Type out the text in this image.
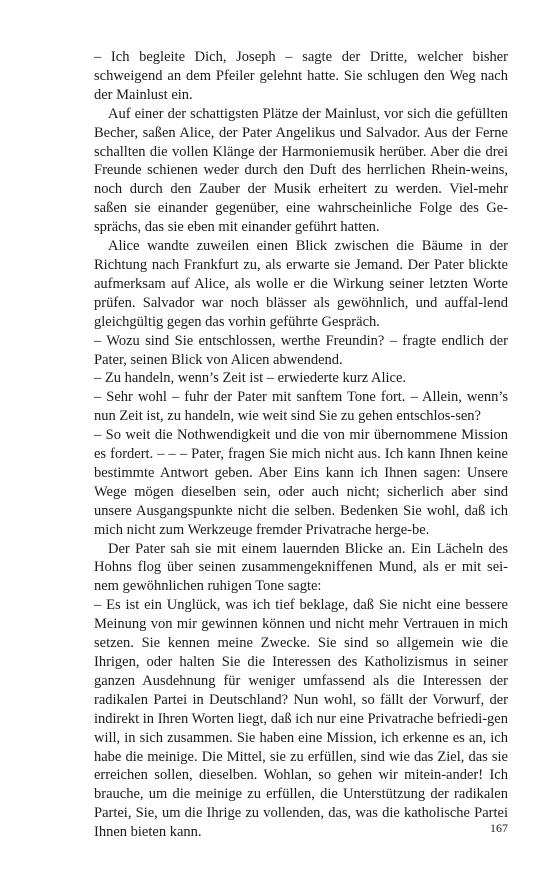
– Ich begleite Dich, Joseph – sagte der Dritte, welcher bisher schweigend an dem Pfeiler gelehnt hatte. Sie schlugen den Weg nach der Mainlust ein.

Auf einer der schattigsten Plätze der Mainlust, vor sich die gefüllten Becher, saßen Alice, der Pater Angelikus und Salvador. Aus der Ferne schallten die vollen Klänge der Harmoniemusik herüber. Aber die drei Freunde schienen weder durch den Duft des herrlichen Rhein-weins, noch durch den Zauber der Musik erheitert zu werden. Viel-mehr saßen sie einander gegenüber, eine wahrscheinliche Folge des Ge-sprächs, das sie eben mit einander geführt hatten.

Alice wandte zuweilen einen Blick zwischen die Bäume in der Richtung nach Frankfurt zu, als erwarte sie Jemand. Der Pater blickte aufmerksam auf Alice, als wolle er die Wirkung seiner letzten Worte prüfen. Salvador war noch blässer als gewöhnlich, und auffal-lend gleichgültig gegen das vorhin geführte Gespräch.

– Wozu sind Sie entschlossen, werthe Freundin? – fragte endlich der Pater, seinen Blick von Alicen abwendend.

– Zu handeln, wenn’s Zeit ist – erwiederte kurz Alice.

– Sehr wohl – fuhr der Pater mit sanftem Tone fort. – Allein, wenn’s nun Zeit ist, zu handeln, wie weit sind Sie zu gehen entschlos-sen?

– So weit die Nothwendigkeit und die von mir übernommene Mission es fordert. – – – Pater, fragen Sie mich nicht aus. Ich kann Ihnen keine bestimmte Antwort geben. Aber Eins kann ich Ihnen sagen: Unsere Wege mögen dieselben sein, oder auch nicht; sicherlich aber sind unsere Ausgangspunkte nicht die selben. Bedenken Sie wohl, daß ich mich nicht zum Werkzeuge fremder Privatrache herge-be.

Der Pater sah sie mit einem lauernden Blicke an. Ein Lächeln des Hohns flog über seinen zusammengekniffenen Mund, als er mit sei-nem gewöhnlichen ruhigen Tone sagte:

– Es ist ein Unglück, was ich tief beklage, daß Sie nicht eine bessere Meinung von mir gewinnen können und nicht mehr Vertrauen in mich setzen. Sie kennen meine Zwecke. Sie sind so allgemein wie die Ihrigen, oder halten Sie die Interessen des Katholizismus in seiner ganzen Ausdehnung für weniger umfassend als die Interessen der radikalen Partei in Deutschland? Nun wohl, so fällt der Vorwurf, der indirekt in Ihren Worten liegt, daß ich nur eine Privatrache befriedi-gen will, in sich zusammen. Sie haben eine Mission, ich erkenne es an, ich habe die meinige. Die Mittel, sie zu erfüllen, sind wie das Ziel, das sie erreichen sollen, dieselben. Wohlan, so gehen wir mitein-ander! Ich brauche, um die meinige zu erfüllen, die Unterstützung der radikalen Partei, Sie, um die Ihrige zu vollenden, das, was die katholische Partei Ihnen bieten kann.	167
